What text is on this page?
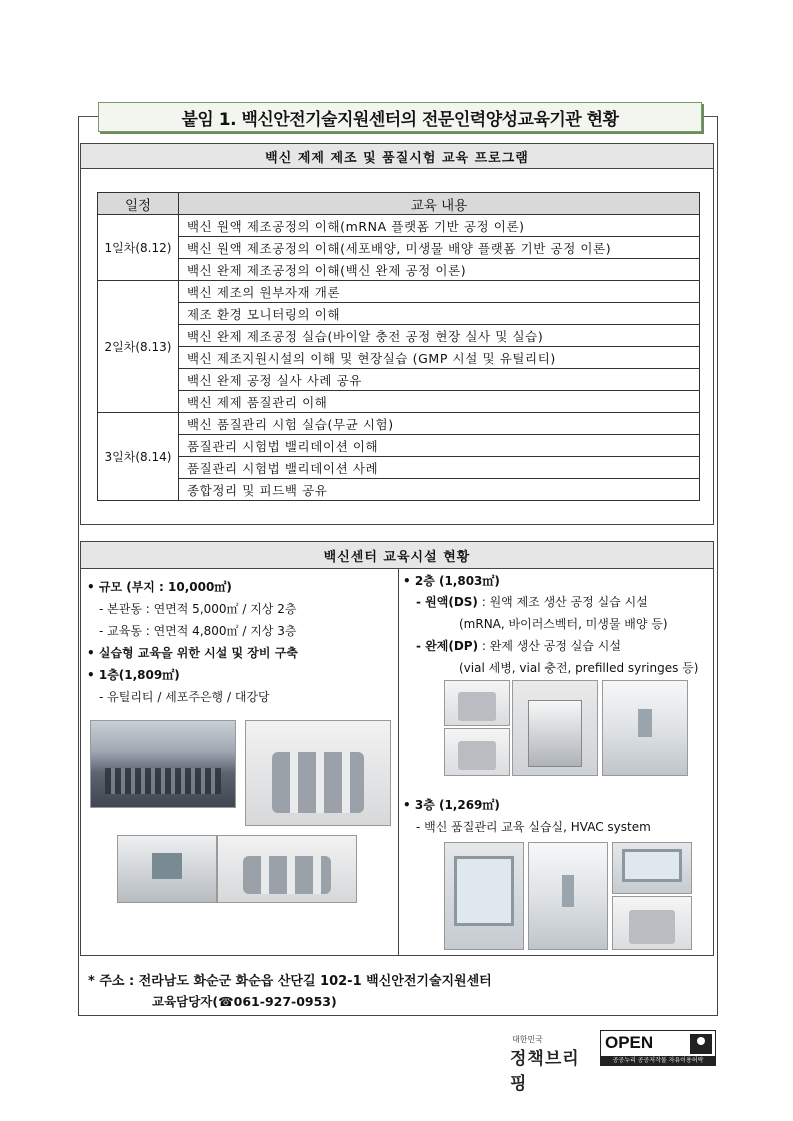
붙임 1. 백신안전기술지원센터의 전문인력양성교육기관 현황
백신 제제 제조 및 품질시험 교육 프로그램
일정	교육 내용
1일차(8.12)	백신 원액 제조공정의 이해(mRNA 플랫폼 기반 공정 이론)
	백신 원액 제조공정의 이해(세포배양, 미생물 배양 플랫폼 기반 공정 이론)
	백신 완제 제조공정의 이해(백신 완제 공정 이론)
2일차(8.13)	백신 제조의 원부자재 개론
	제조 환경 모니터링의 이해
	백신 완제 제조공정 실습(바이알 충전 공정 현장 실사 및 실습)
	백신 제조지원시설의 이해 및 현장실습 (GMP 시설 및 유틸리티)
	백신 완제 공정 실사 사례 공유
	백신 제제 품질관리 이해
3일차(8.14)	백신 품질관리 시험 실습(무균 시험)
	품질관리 시험법 밸리데이션 이해
	품질관리 시험법 밸리데이션 사례
	종합정리 및 피드백 공유
백신센터 교육시설 현황
• 규모 (부지 : 10,000㎡)
- 본관동 : 연면적 5,000㎡ / 지상 2층
- 교육동 : 연면적 4,800㎡ / 지상 3층
• 실습형 교육을 위한 시설 및 장비 구축
• 1층(1,809㎡)
- 유틸리티 / 세포주은행 / 대강당
• 2층 (1,803㎡)
- 원액(DS) : 원액 제조 생산 공정 실습 시설
(mRNA, 바이러스벡터, 미생물 배양 등)
- 완제(DP) : 완제 생산 공정 실습 시설
(vial 세병, vial 충전, prefilled syringes 등)
• 3층 (1,269㎡)
- 백신 품질관리 교육 실습실, HVAC system
* 주소 : 전라남도 화순군 화순읍 산단길 102-1 백신안전기술지원센터
교육담당자(☎061-927-0953)
대한민국
정책브리핑
OPEN
공공누리 공공저작물 자유이용허락
